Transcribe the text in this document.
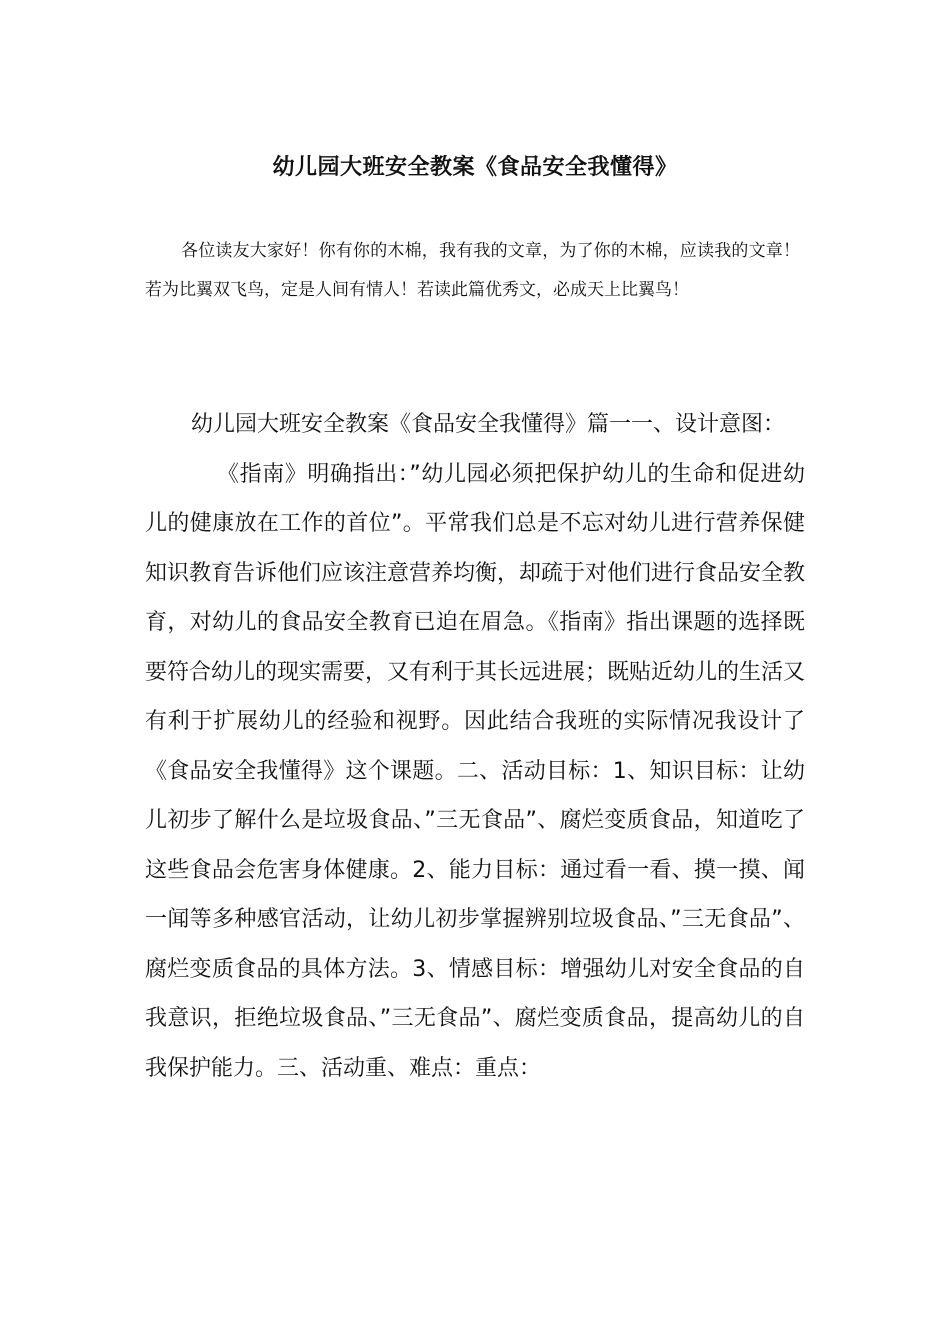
幼儿园大班安全教案《食品安全我懂得》

各位读友大家好！你有你的木棉，我有我的文章，为了你的木棉，应读我的文章！若为比翼双飞鸟，定是人间有情人！若读此篇优秀文，必成天上比翼鸟！

幼儿园大班安全教案《食品安全我懂得》篇一一、设计意图：

《指南》明确指出：”幼儿园必须把保护幼儿的生命和促进幼儿的健康放在工作的首位”。平常我们总是不忘对幼儿进行营养保健知识教育告诉他们应该注意营养均衡，却疏于对他们进行食品安全教育，对幼儿的食品安全教育已迫在眉急。《指南》指出课题的选择既要符合幼儿的现实需要，又有利于其长远进展；既贴近幼儿的生活又有利于扩展幼儿的经验和视野。因此结合我班的实际情况我设计了《食品安全我懂得》这个课题。二、活动目标：1、知识目标：让幼儿初步了解什么是垃圾食品、”三无食品”、腐烂变质食品，知道吃了这些食品会危害身体健康。2、能力目标：通过看一看、摸一摸、闻一闻等多种感官活动，让幼儿初步掌握辨别垃圾食品、”三无食品”、腐烂变质食品的具体方法。3、情感目标：增强幼儿对安全食品的自我意识，拒绝垃圾食品、”三无食品”、腐烂变质食品，提高幼儿的自我保护能力。三、活动重、难点：重点：
